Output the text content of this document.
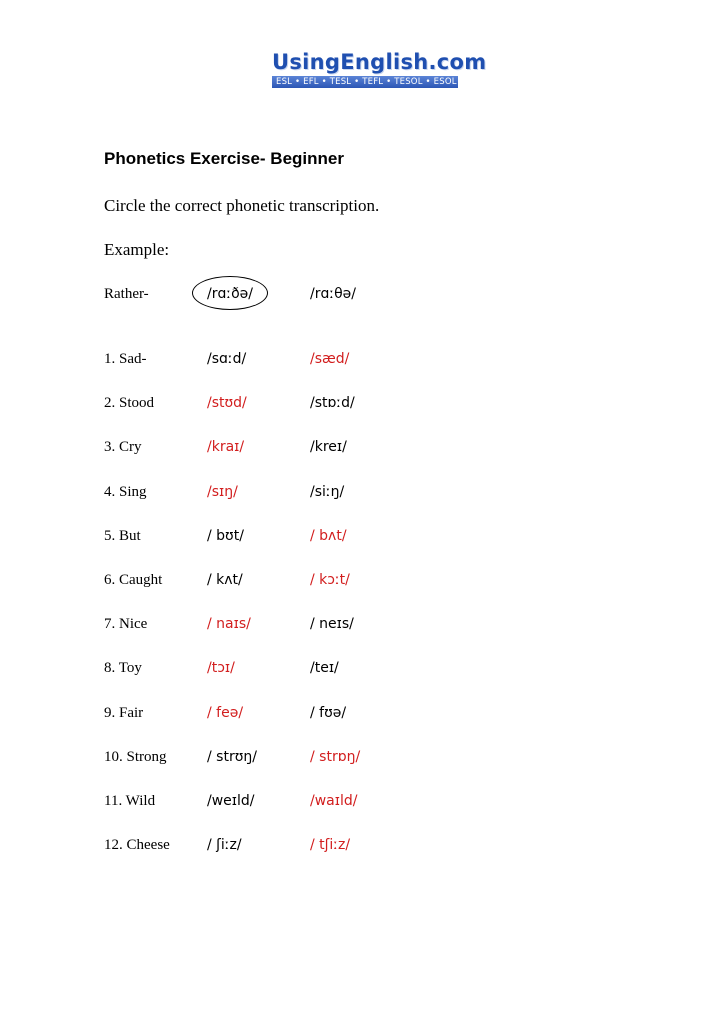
UsingEnglish.com
ESL • EFL • TESL • TEFL • TESOL • ESOL
Phonetics Exercise- Beginner
Circle the correct phonetic transcription.
Example:
Rather-	/rɑːðə/	/rɑːθə/
1. Sad-	/sɑːd/	/sæd/
2. Stood	/stʊd/	/stɒːd/
3. Cry	/kraɪ/	/kreɪ/
4. Sing	/sɪŋ/	/siːŋ/
5. But	/ bʊt/	/ bʌt/
6. Caught	/ kʌt/	/ kɔːt/
7. Nice	/ naɪs/	/ neɪs/
8. Toy	/tɔɪ/	/teɪ/
9. Fair	/ feə/	/ fʊə/
10. Strong	/ strʊŋ/	/ strɒŋ/
11. Wild	/weɪld/	/waɪld/
12. Cheese	/ ʃiːz/	/ tʃiːz/
